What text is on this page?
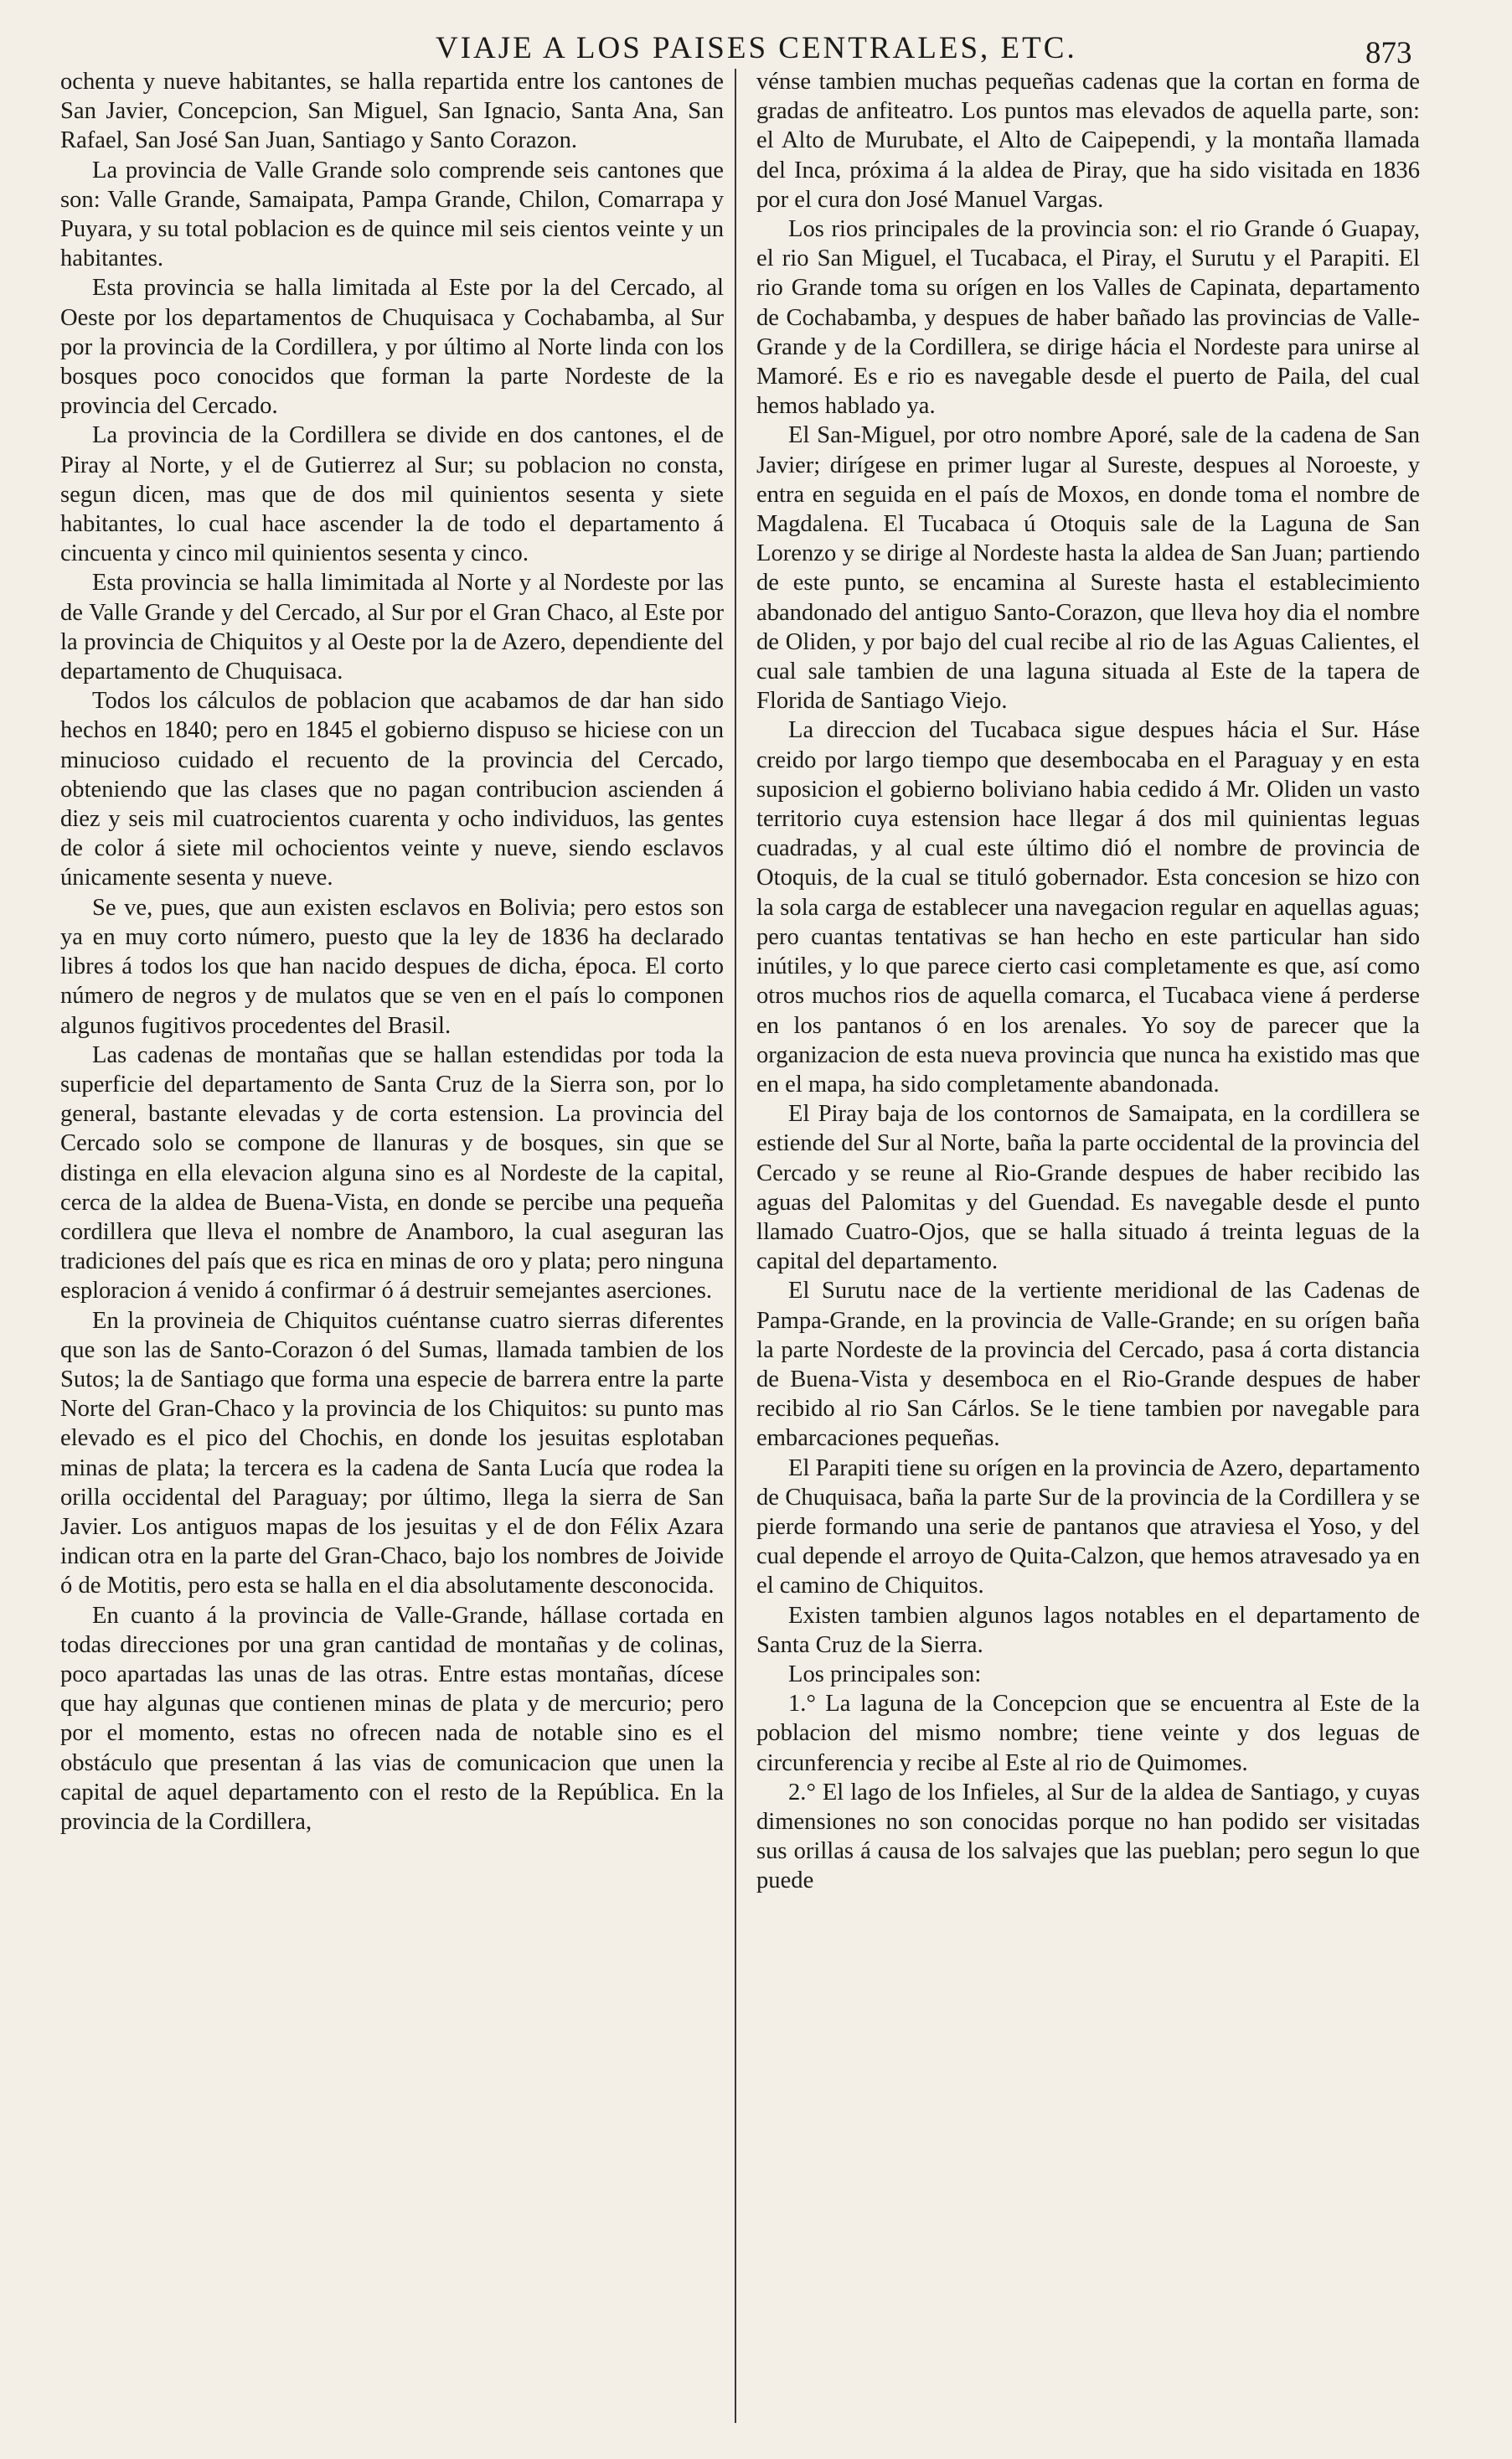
VIAJE A LOS PAISES CENTRALES, ETC.	873

ochenta y nueve habitantes, se halla repartida entre los cantones de San Javier, Concepcion, San Miguel, San Ignacio, Santa Ana, San Rafael, San José San Juan, Santiago y Santo Corazon.

La provincia de Valle Grande solo comprende seis cantones que son: Valle Grande, Samaipata, Pampa Grande, Chilon, Comarrapa y Puyara, y su total poblacion es de quince mil seis cientos veinte y un habitantes.

Esta provincia se halla limitada al Este por la del Cercado, al Oeste por los departamentos de Chuquisaca y Cochabamba, al Sur por la provincia de la Cordillera, y por último al Norte linda con los bosques poco conocidos que forman la parte Nordeste de la provincia del Cercado.

La provincia de la Cordillera se divide en dos cantones, el de Piray al Norte, y el de Gutierrez al Sur; su poblacion no consta, segun dicen, mas que de dos mil quinientos sesenta y siete habitantes, lo cual hace ascender la de todo el departamento á cincuenta y cinco mil quinientos sesenta y cinco.

Esta provincia se halla limimitada al Norte y al Nordeste por las de Valle Grande y del Cercado, al Sur por el Gran Chaco, al Este por la provincia de Chiquitos y al Oeste por la de Azero, dependiente del departamento de Chuquisaca.

Todos los cálculos de poblacion que acabamos de dar han sido hechos en 1840; pero en 1845 el gobierno dispuso se hiciese con un minucioso cuidado el recuento de la provincia del Cercado, obteniendo que las clases que no pagan contribucion ascienden á diez y seis mil cuatrocientos cuarenta y ocho individuos, las gentes de color á siete mil ochocientos veinte y nueve, siendo esclavos únicamente sesenta y nueve.

Se ve, pues, que aun existen esclavos en Bolivia; pero estos son ya en muy corto número, puesto que la ley de 1836 ha declarado libres á todos los que han nacido despues de dicha, época. El corto número de negros y de mulatos que se ven en el país lo componen algunos fugitivos procedentes del Brasil.

Las cadenas de montañas que se hallan estendidas por toda la superficie del departamento de Santa Cruz de la Sierra son, por lo general, bastante elevadas y de corta estension. La provincia del Cercado solo se compone de llanuras y de bosques, sin que se distinga en ella elevacion alguna sino es al Nordeste de la capital, cerca de la aldea de Buena-Vista, en donde se percibe una pequeña cordillera que lleva el nombre de Anamboro, la cual aseguran las tradiciones del país que es rica en minas de oro y plata; pero ninguna esploracion á venido á confirmar ó á destruir semejantes aserciones.

En la provineia de Chiquitos cuéntanse cuatro sierras diferentes que son las de Santo-Corazon ó del Sumas, llamada tambien de los Sutos; la de Santiago que forma una especie de barrera entre la parte Norte del Gran-Chaco y la provincia de los Chiquitos: su punto mas elevado es el pico del Chochis, en donde los jesuitas esplotaban minas de plata; la tercera es la cadena de Santa Lucía que rodea la orilla occidental del Paraguay; por último, llega la sierra de San Javier. Los antiguos mapas de los jesuitas y el de don Félix Azara indican otra en la parte del Gran-Chaco, bajo los nombres de Joivide ó de Motitis, pero esta se halla en el dia absolutamente desconocida.

En cuanto á la provincia de Valle-Grande, hállase cortada en todas direcciones por una gran cantidad de montañas y de colinas, poco apartadas las unas de las otras. Entre estas montañas, dícese que hay algunas que contienen minas de plata y de mercurio; pero por el momento, estas no ofrecen nada de notable sino es el obstáculo que presentan á las vias de comunicacion que unen la capital de aquel departamento con el resto de la República. En la provincia de la Cordillera,

vénse tambien muchas pequeñas cadenas que la cortan en forma de gradas de anfiteatro. Los puntos mas elevados de aquella parte, son: el Alto de Murubate, el Alto de Caipependi, y la montaña llamada del Inca, próxima á la aldea de Piray, que ha sido visitada en 1836 por el cura don José Manuel Vargas.

Los rios principales de la provincia son: el rio Grande ó Guapay, el rio San Miguel, el Tucabaca, el Piray, el Surutu y el Parapiti. El rio Grande toma su orígen en los Valles de Capinata, departamento de Cochabamba, y despues de haber bañado las provincias de Valle-Grande y de la Cordillera, se dirige hácia el Nordeste para unirse al Mamoré. Es e rio es navegable desde el puerto de Paila, del cual hemos hablado ya.

El San-Miguel, por otro nombre Aporé, sale de la cadena de San Javier; dirígese en primer lugar al Sureste, despues al Noroeste, y entra en seguida en el país de Moxos, en donde toma el nombre de Magdalena. El Tucabaca ú Otoquis sale de la Laguna de San Lorenzo y se dirige al Nordeste hasta la aldea de San Juan; partiendo de este punto, se encamina al Sureste hasta el establecimiento abandonado del antiguo Santo-Corazon, que lleva hoy dia el nombre de Oliden, y por bajo del cual recibe al rio de las Aguas Calientes, el cual sale tambien de una laguna situada al Este de la tapera de Florida de Santiago Viejo.

La direccion del Tucabaca sigue despues hácia el Sur. Háse creido por largo tiempo que desembocaba en el Paraguay y en esta suposicion el gobierno boliviano habia cedido á Mr. Oliden un vasto territorio cuya estension hace llegar á dos mil quinientas leguas cuadradas, y al cual este último dió el nombre de provincia de Otoquis, de la cual se tituló gobernador. Esta concesion se hizo con la sola carga de establecer una navegacion regular en aquellas aguas; pero cuantas tentativas se han hecho en este particular han sido inútiles, y lo que parece cierto casi completamente es que, así como otros muchos rios de aquella comarca, el Tucabaca viene á perderse en los pantanos ó en los arenales. Yo soy de parecer que la organizacion de esta nueva provincia que nunca ha existido mas que en el mapa, ha sido completamente abandonada.

El Piray baja de los contornos de Samaipata, en la cordillera se estiende del Sur al Norte, baña la parte occidental de la provincia del Cercado y se reune al Rio-Grande despues de haber recibido las aguas del Palomitas y del Guendad. Es navegable desde el punto llamado Cuatro-Ojos, que se halla situado á treinta leguas de la capital del departamento.

El Surutu nace de la vertiente meridional de las Cadenas de Pampa-Grande, en la provincia de Valle-Grande; en su orígen baña la parte Nordeste de la provincia del Cercado, pasa á corta distancia de Buena-Vista y desemboca en el Rio-Grande despues de haber recibido al rio San Cárlos. Se le tiene tambien por navegable para embarcaciones pequeñas.

El Parapiti tiene su orígen en la provincia de Azero, departamento de Chuquisaca, baña la parte Sur de la provincia de la Cordillera y se pierde formando una serie de pantanos que atraviesa el Yoso, y del cual depende el arroyo de Quita-Calzon, que hemos atravesado ya en el camino de Chiquitos.

Existen tambien algunos lagos notables en el departamento de Santa Cruz de la Sierra.

Los principales son:

1.° La laguna de la Concepcion que se encuentra al Este de la poblacion del mismo nombre; tiene veinte y dos leguas de circunferencia y recibe al Este al rio de Quimomes.

2.° El lago de los Infieles, al Sur de la aldea de Santiago, y cuyas dimensiones no son conocidas porque no han podido ser visitadas sus orillas á causa de los salvajes que las pueblan; pero segun lo que puede
